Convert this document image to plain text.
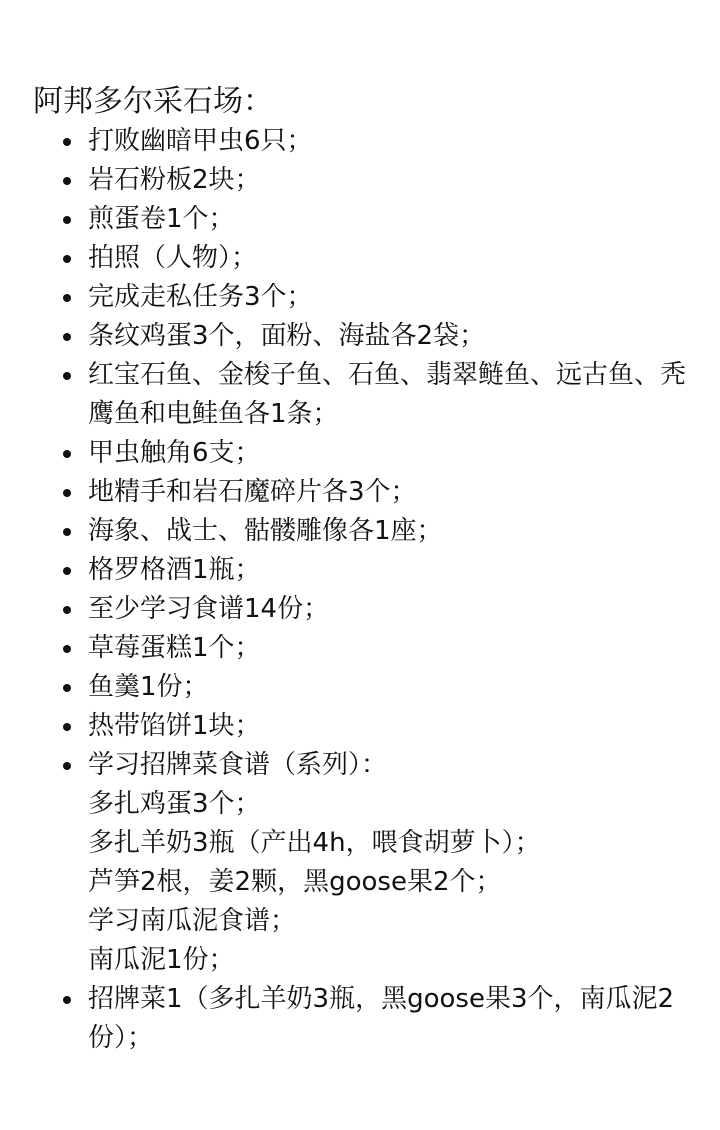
阿邦多尔采石场：
打败幽暗甲虫6只；
岩石粉板2块；
煎蛋卷1个；
拍照（人物）；
完成走私任务3个；
条纹鸡蛋3个，面粉、海盐各2袋；
红宝石鱼、金梭子鱼、石鱼、翡翠鲢鱼、远古鱼、秃鹰鱼和电鲑鱼各1条；
甲虫触角6支；
地精手和岩石魔碎片各3个；
海象、战士、骷髅雕像各1座；
格罗格酒1瓶；
至少学习食谱14份；
草莓蛋糕1个；
鱼羹1份；
热带馅饼1块；
学习招牌菜食谱（系列）：
多扎鸡蛋3个；
多扎羊奶3瓶（产出4h，喂食胡萝卜）；
芦笋2根，姜2颗，黑goose果2个；
学习南瓜泥食谱；
南瓜泥1份；
招牌菜1（多扎羊奶3瓶，黑goose果3个，南瓜泥2份）；
